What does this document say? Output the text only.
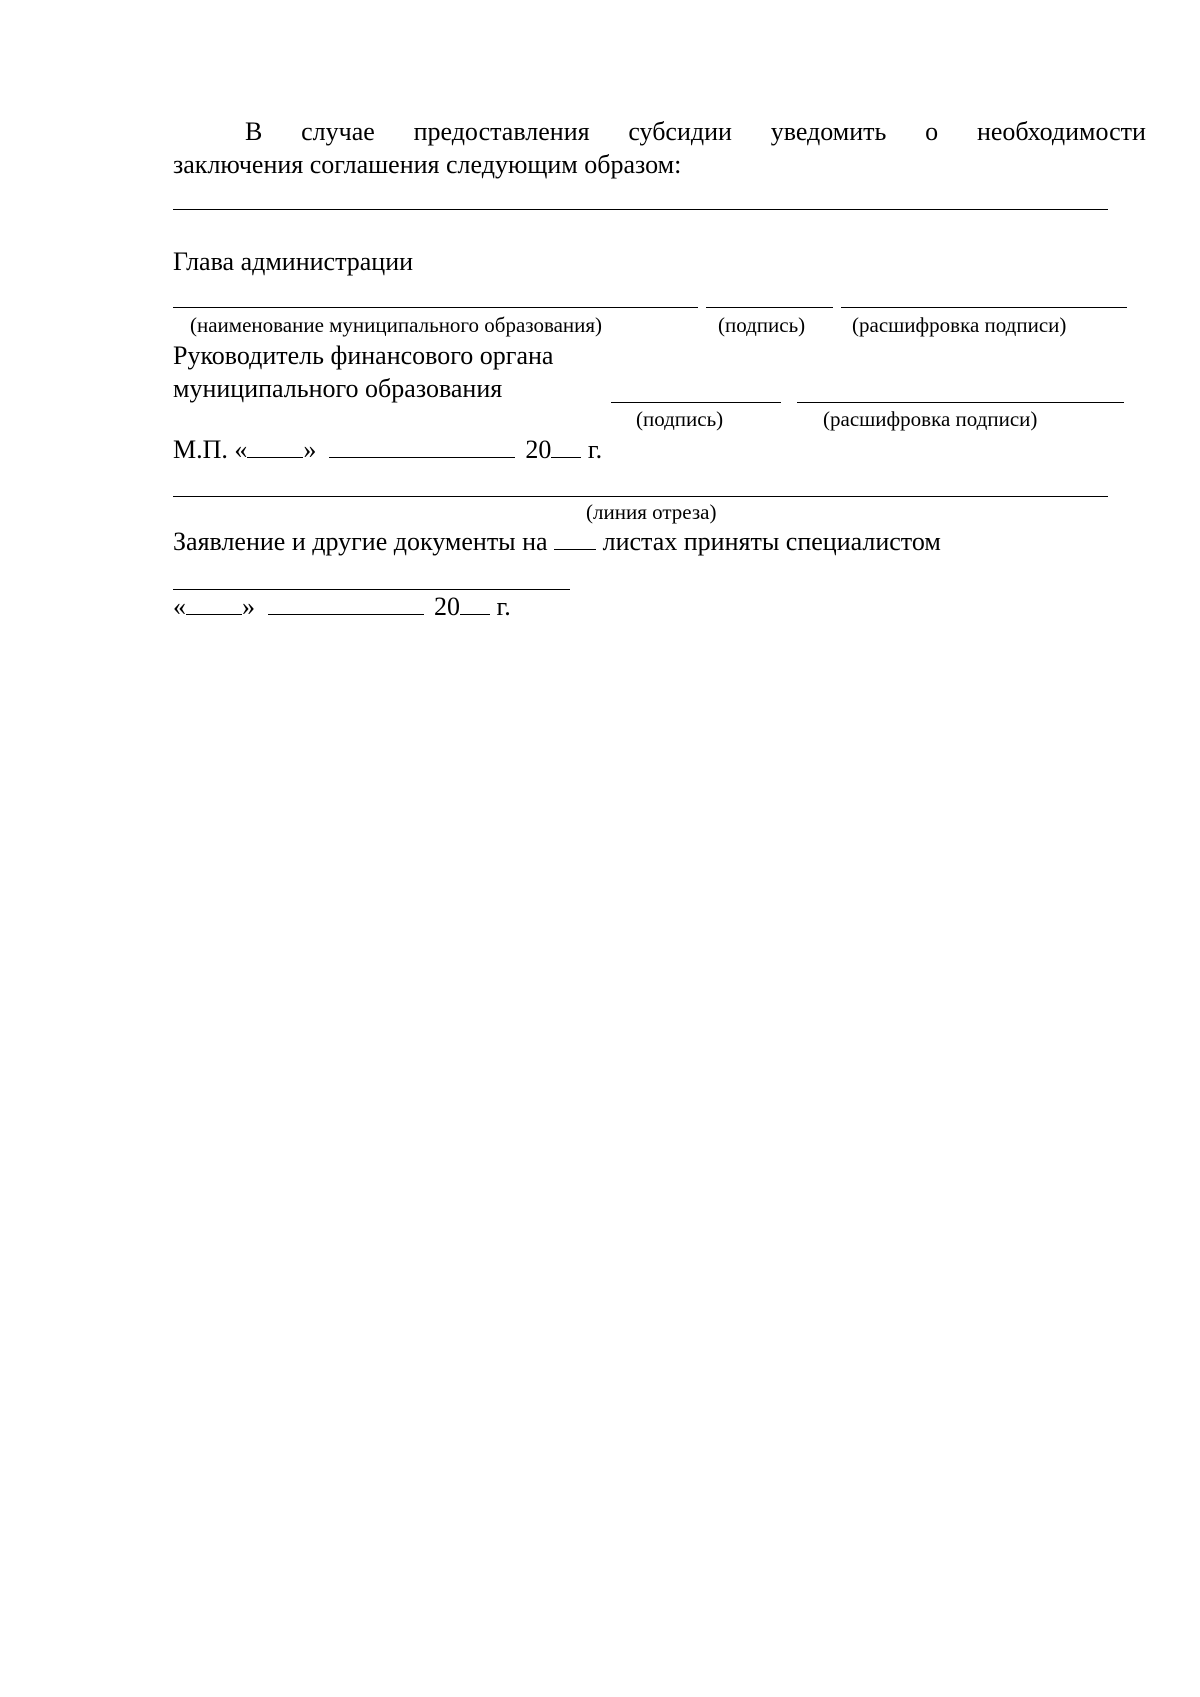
В случае предоставления субсидии уведомить о необходимости
заключения соглашения следующим образом:
Глава администрации
(наименование муниципального образования)	(подпись) (расшифровка подписи)
Руководитель финансового органа
муниципального образования
(подпись)	(расшифровка подписи)
М.П. « »	20 г.
(линия отреза)
Заявление и другие документы на  листах приняты специалистом
« »	20 г.
